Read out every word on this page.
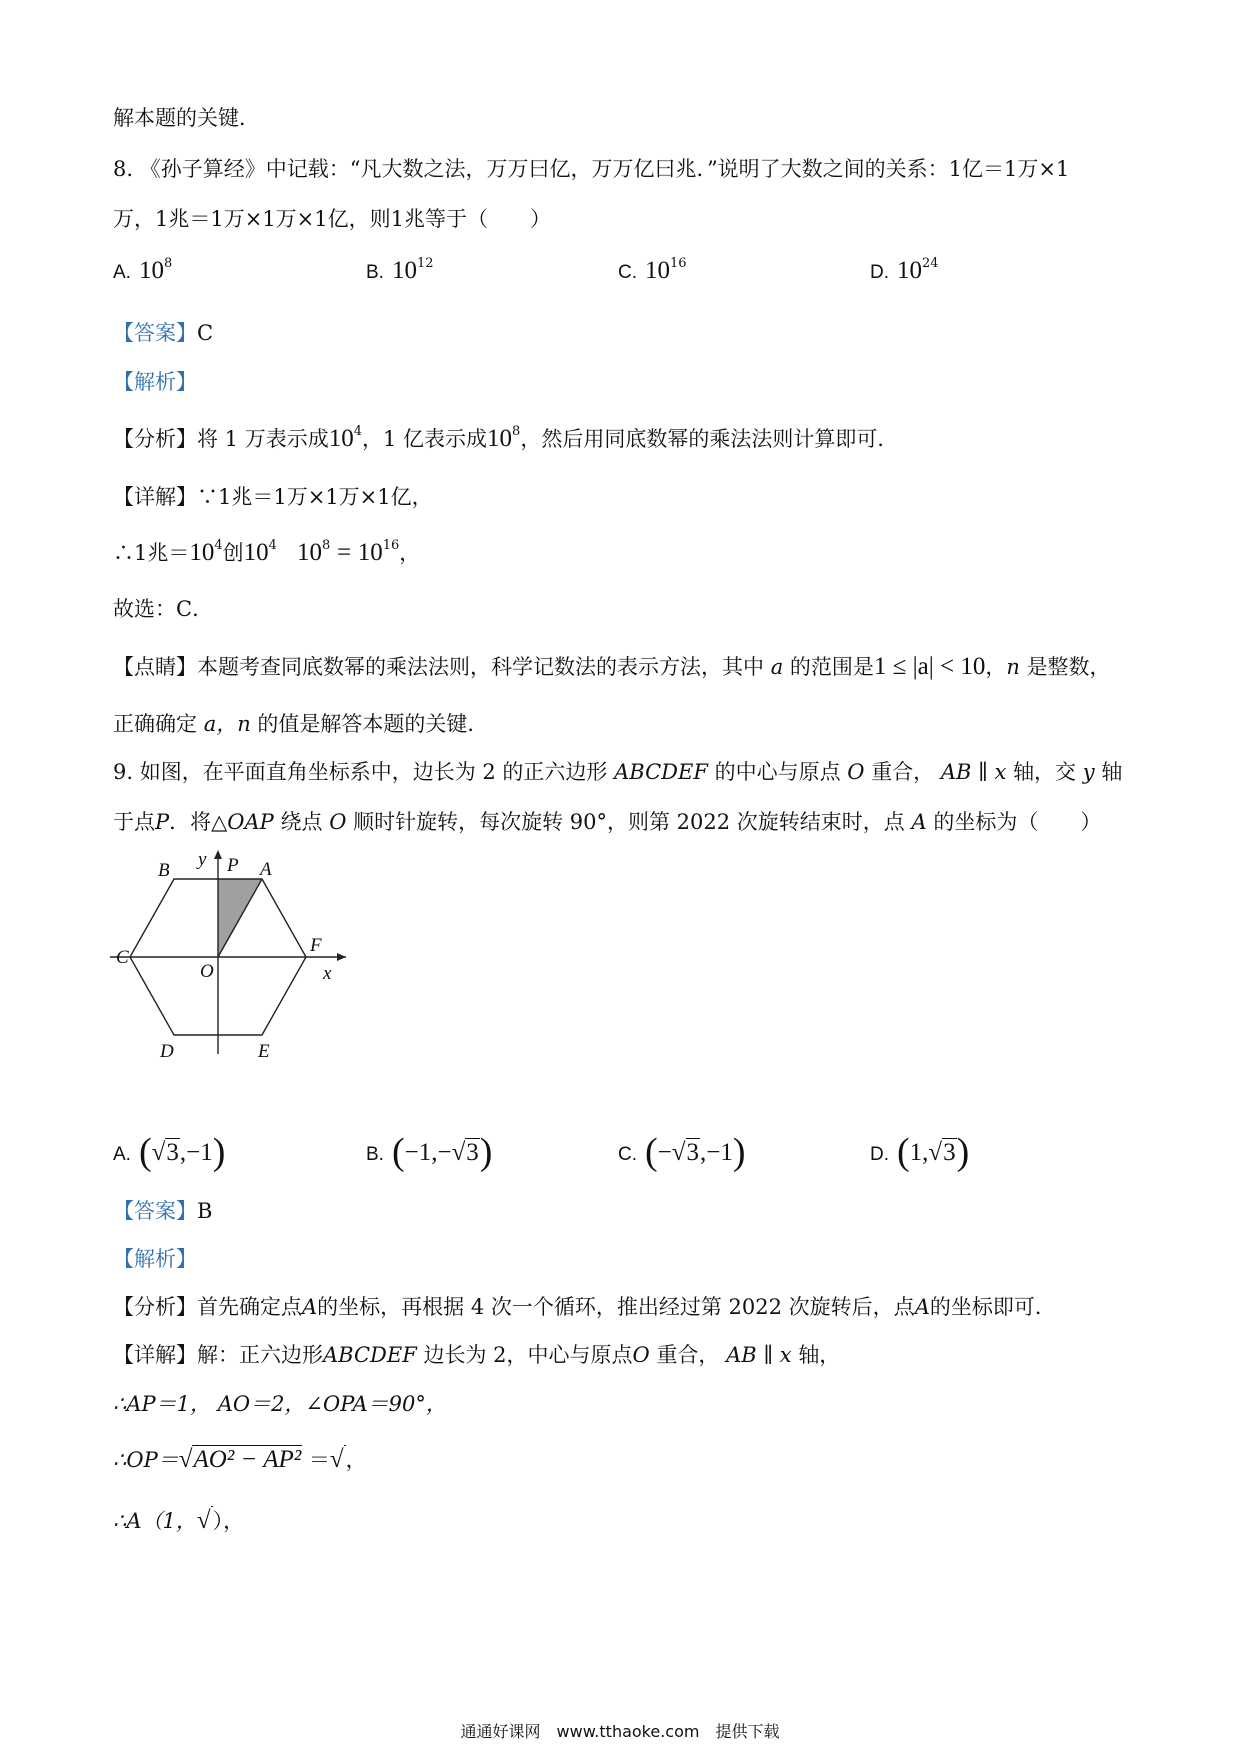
解本题的关键．
8. 《孙子算经》中记载：“凡大数之法，万万曰亿，万万亿曰兆．”说明了大数之间的关系：1亿＝1万×1
万，1兆＝1万×1万×1亿，则1兆等于（　　）
A. $10^8$	B. $10^{12}$	C. $10^{16}$	D. $10^{24}$
【答案】C
【解析】
【分析】将 1 万表示成$10^4$，1 亿表示成$10^8$，然后用同底数幂的乘法法则计算即可．
【详解】∵1兆＝1万×1万×1亿，
∴1兆$=10^4$创$10^4$ $10^8 = 10^{16}$，
故选：C．
【点睛】本题考查同底数幂的乘法法则，科学记数法的表示方法，其中 a 的范围是1 ≤ |a| < 10，n 是整数，
正确确定 a，n 的值是解答本题的关键．
9. 如图，在平面直角坐标系中，边长为 2 的正六边形 ABCDEF 的中心与原点 O 重合， AB ∥ x 轴，交 y 轴
于点P．将△OAP 绕点 O 顺时针旋转，每次旋转 90°，则第 2022 次旋转结束时，点 A 的坐标为（　　）
B
y P A
C
F
O	x
D	E
A. (√3,−1)	B. (−1,−√3)	C. (−√3,−1)	D. (1,√3)
【答案】B
【解析】
【分析】首先确定点A的坐标，再根据 4 次一个循环，推出经过第 2022 次旋转后，点A的坐标即可．
【详解】解：正六边形ABCDEF 边长为 2，中心与原点O 重合， AB ∥ x 轴，
∴AP＝1， AO＝2，∠OPA＝90°，
∴OP＝√AO² − AP² ＝√，
∴A（1，√），
通通好课网　www.tthaoke.com　提供下载
